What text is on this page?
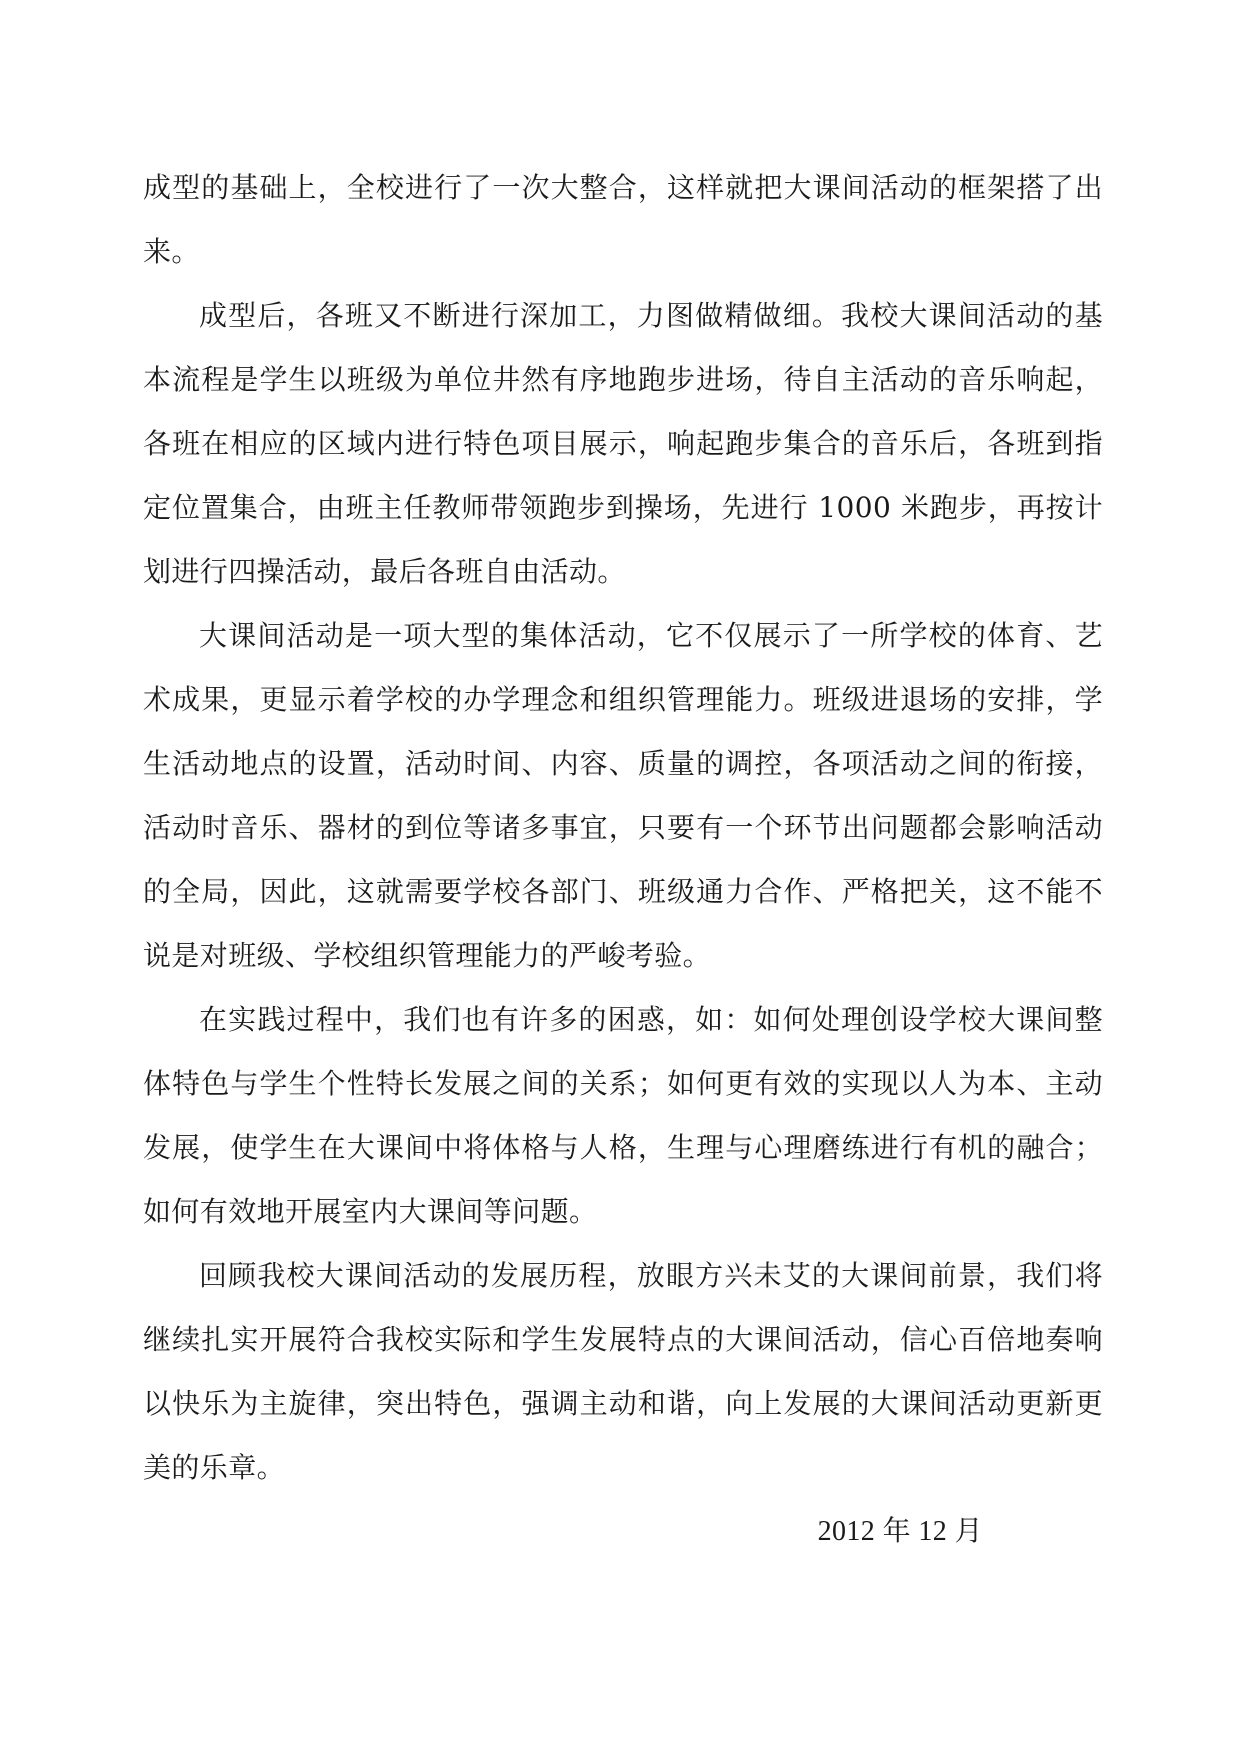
成型的基础上，全校进行了一次大整合，这样就把大课间活动的框架搭了出来。

成型后，各班又不断进行深加工，力图做精做细。我校大课间活动的基本流程是学生以班级为单位井然有序地跑步进场，待自主活动的音乐响起，各班在相应的区域内进行特色项目展示，响起跑步集合的音乐后，各班到指定位置集合，由班主任教师带领跑步到操场，先进行 1000 米跑步，再按计划进行四操活动，最后各班自由活动。

大课间活动是一项大型的集体活动，它不仅展示了一所学校的体育、艺术成果，更显示着学校的办学理念和组织管理能力。班级进退场的安排，学生活动地点的设置，活动时间、内容、质量的调控，各项活动之间的衔接，活动时音乐、器材的到位等诸多事宜，只要有一个环节出问题都会影响活动的全局，因此，这就需要学校各部门、班级通力合作、严格把关，这不能不说是对班级、学校组织管理能力的严峻考验。

在实践过程中，我们也有许多的困惑，如：如何处理创设学校大课间整体特色与学生个性特长发展之间的关系；如何更有效的实现以人为本、主动发展，使学生在大课间中将体格与人格，生理与心理磨练进行有机的融合；如何有效地开展室内大课间等问题。

回顾我校大课间活动的发展历程，放眼方兴未艾的大课间前景，我们将继续扎实开展符合我校实际和学生发展特点的大课间活动，信心百倍地奏响以快乐为主旋律，突出特色，强调主动和谐，向上发展的大课间活动更新更美的乐章。

2012 年 12 月
